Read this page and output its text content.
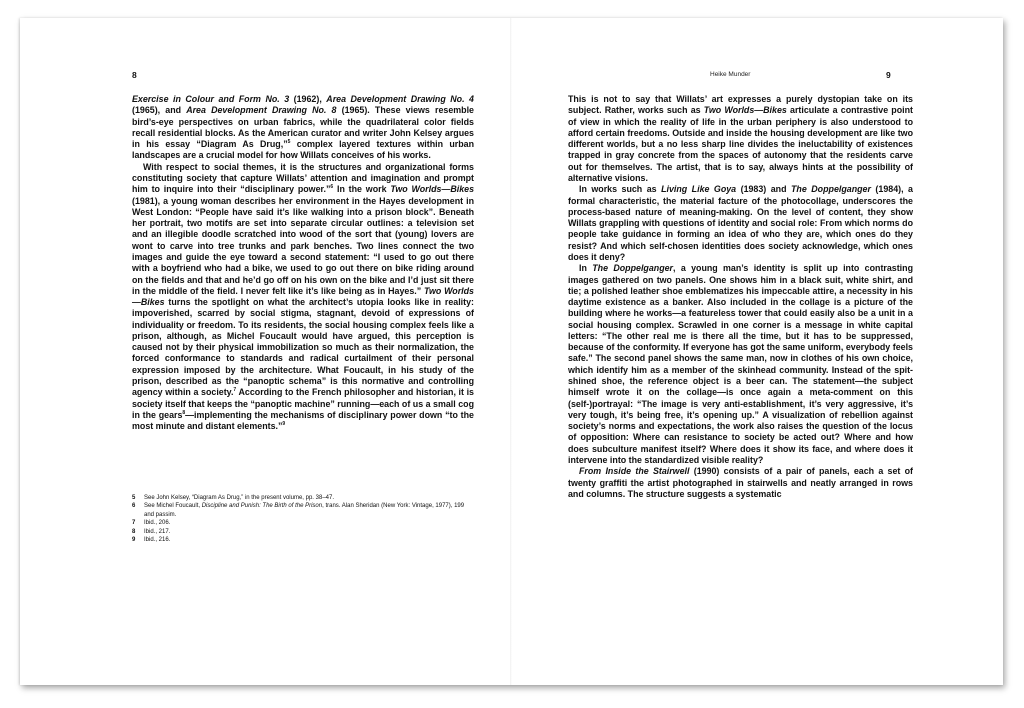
8	Heike Munder	9

Exercise in Colour and Form No. 3 (1962), Area Development Drawing No. 4 (1965), and Area Development Drawing No. 8 (1965). These views resemble bird’s-eye perspectives on urban fabrics, while the quadrilateral color fields recall residential blocks. As the American curator and writer John Kelsey argues in his essay “Diagram As Drug,”$^5$ complex layered textures within urban landscapes are a crucial model for how Willats conceives of his works.

With respect to social themes, it is the structures and organizational forms constituting society that capture Willats’ attention and imagination and prompt him to inquire into their “disciplinary power.”$^6$ In the work Two Worlds—Bikes (1981), a young woman describes her environment in the Hayes development in West London: “People have said it’s like walking into a prison block”. Beneath her portrait, two motifs are set into separate circular outlines: a television set and an illegible doodle scratched into wood of the sort that (young) lovers are wont to carve into tree trunks and park benches. Two lines connect the two images and guide the eye toward a second statement: “I used to go out there with a boyfriend who had a bike, we used to go out there on bike riding around on the fields and that and he’d go off on his own on the bike and I’d just sit there in the middle of the field. I never felt like it’s like being as in Hayes.” Two Worlds—Bikes turns the spotlight on what the architect’s utopia looks like in reality: impoverished, scarred by social stigma, stagnant, devoid of expressions of individuality or freedom. To its residents, the social housing complex feels like a prison, although, as Michel Foucault would have argued, this perception is caused not by their physical immobilization so much as their normalization, the forced conformance to standards and radical curtailment of their personal expression imposed by the architecture. What Foucault, in his study of the prison, described as the “panoptic schema” is this normative and controlling agency within a society.$^7$ According to the French philosopher and historian, it is society itself that keeps the “panoptic machine” running—each of us a small cog in the gears$^8$—implementing the mechanisms of disciplinary power down “to the most minute and distant elements.”$^9$

5	See John Kelsey, “Diagram As Drug,” in the present volume, pp. 38–47.
6	See Michel Foucault, Discipline and Punish: The Birth of the Prison, trans. Alan Sheridan (New York: Vintage, 1977), 199 and passim.
7	Ibid., 206.
8	Ibid., 217.
9	Ibid., 216.

This is not to say that Willats’ art expresses a purely dystopian take on its subject. Rather, works such as Two Worlds—Bikes articulate a contrastive point of view in which the reality of life in the urban periphery is also understood to afford certain freedoms. Outside and inside the housing development are like two different worlds, but a no less sharp line divides the ineluctability of existences trapped in gray concrete from the spaces of autonomy that the residents carve out for themselves. The artist, that is to say, always hints at the possibility of alternative visions.

In works such as Living Like Goya (1983) and The Doppelganger (1984), a formal characteristic, the material facture of the photocollage, underscores the process-based nature of meaning-making. On the level of content, they show Willats grappling with questions of identity and social role: From which norms do people take guidance in forming an idea of who they are, which ones do they resist? And which self-chosen identities does society acknowledge, which ones does it deny?

In The Doppelganger, a young man’s identity is split up into contrasting images gathered on two panels. One shows him in a black suit, white shirt, and tie; a polished leather shoe emblematizes his impeccable attire, a necessity in his daytime existence as a banker. Also included in the collage is a picture of the building where he works—a featureless tower that could easily also be a unit in a social housing complex. Scrawled in one corner is a message in white capital letters: “The other real me is there all the time, but it has to be suppressed, because of the conformity. If everyone has got the same uniform, everybody feels safe.” The second panel shows the same man, now in clothes of his own choice, which identify him as a member of the skinhead community. Instead of the spit-shined shoe, the reference object is a beer can. The statement—the subject himself wrote it on the collage—is once again a meta-comment on this (self-)portrayal: “The image is very anti-establishment, it’s very aggressive, it’s very tough, it’s being free, it’s opening up.” A visualization of rebellion against society’s norms and expectations, the work also raises the question of the locus of opposition: Where can resistance to society be acted out? Where and how does subculture manifest itself? Where does it show its face, and where does it intervene into the standardized visible reality?

From Inside the Stairwell (1990) consists of a pair of panels, each a set of twenty graffiti the artist photographed in stairwells and neatly arranged in rows and columns. The structure suggests a systematic
